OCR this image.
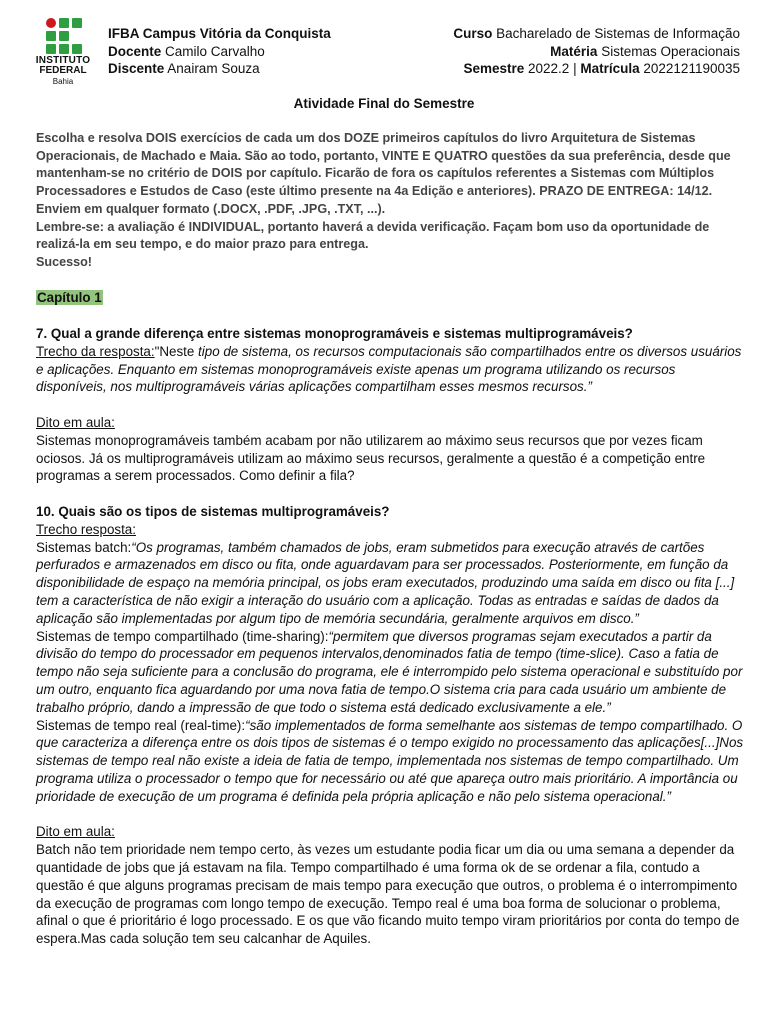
INSTITUTO
FEDERAL
Bahia
IFBA Campus Vitória da Conquista
Docente Camilo Carvalho
Discente Anairam Souza
Curso Bacharelado de Sistemas de Informação
Matéria Sistemas Operacionais
Semestre 2022.2 | Matrícula 2022121190035
Atividade Final do Semestre

Escolha e resolva DOIS exercícios de cada um dos DOZE primeiros capítulos do livro Arquitetura de Sistemas Operacionais, de Machado e Maia. São ao todo, portanto, VINTE E QUATRO questões da sua preferência, desde que mantenham-se no critério de DOIS por capítulo. Ficarão de fora os capítulos referentes a Sistemas com Múltiplos Processadores e Estudos de Caso (este último presente na 4a Edição e anteriores). PRAZO DE ENTREGA: 14/12. Enviem em qualquer formato (.DOCX, .PDF, .JPG, .TXT, ...).

Lembre-se: a avaliação é INDIVIDUAL, portanto haverá a devida verificação. Façam bom uso da oportunidade de realizá-la em seu tempo, e do maior prazo para entrega.

Sucesso!

Capítulo 1

7. Qual a grande diferença entre sistemas monoprogramáveis e sistemas multiprogramáveis?

Trecho da resposta:"Neste tipo de sistema, os recursos computacionais são compartilhados entre os diversos usuários e aplicações. Enquanto em sistemas monoprogramáveis existe apenas um programa utilizando os recursos disponíveis, nos multiprogramáveis várias aplicações compartilham esses mesmos recursos.”

Dito em aula:

Sistemas monoprogramáveis também acabam por não utilizarem ao máximo seus recursos que por vezes ficam ociosos. Já os multiprogramáveis utilizam ao máximo seus recursos, geralmente a questão é a competição entre programas a serem processados. Como definir a fila?

10. Quais são os tipos de sistemas multiprogramáveis?

Trecho resposta:

Sistemas batch:“Os programas, também chamados de jobs, eram submetidos para execução através de cartões perfurados e armazenados em disco ou fita, onde aguardavam para ser processados. Posteriormente, em função da disponibilidade de espaço na memória principal, os jobs eram executados, produzindo uma saída em disco ou fita [...] tem a característica de não exigir a interação do usuário com a aplicação. Todas as entradas e saídas de dados da aplicação são implementadas por algum tipo de memória secundária, geralmente arquivos em disco.”

Sistemas de tempo compartilhado (time-sharing):“permitem que diversos programas sejam executados a partir da divisão do tempo do processador em pequenos intervalos,denominados fatia de tempo (time-slice). Caso a fatia de tempo não seja suficiente para a conclusão do programa, ele é interrompido pelo sistema operacional e substituído por um outro, enquanto fica aguardando por uma nova fatia de tempo.O sistema cria para cada usuário um ambiente de trabalho próprio, dando a impressão de que todo o sistema está dedicado exclusivamente a ele.”

Sistemas de tempo real (real-time):“são implementados de forma semelhante aos sistemas de tempo compartilhado. O que caracteriza a diferença entre os dois tipos de sistemas é o tempo exigido no processamento das aplicações[...]Nos sistemas de tempo real não existe a ideia de fatia de tempo, implementada nos sistemas de tempo compartilhado. Um programa utiliza o processador o tempo que for necessário ou até que apareça outro mais prioritário. A importância ou prioridade de execução de um programa é definida pela própria aplicação e não pelo sistema operacional.”

Dito em aula:

Batch não tem prioridade nem tempo certo, às vezes um estudante podia ficar um dia ou uma semana a depender da quantidade de jobs que já estavam na fila. Tempo compartilhado é uma forma ok de se ordenar a fila, contudo a questão é que alguns programas precisam de mais tempo para execução que outros, o problema é o interrompimento da execução de programas com longo tempo de execução. Tempo real é uma boa forma de solucionar o problema, afinal o que é prioritário é logo processado. E os que vão ficando muito tempo viram prioritários por conta do tempo de espera.Mas cada solução tem seu calcanhar de Aquiles.
